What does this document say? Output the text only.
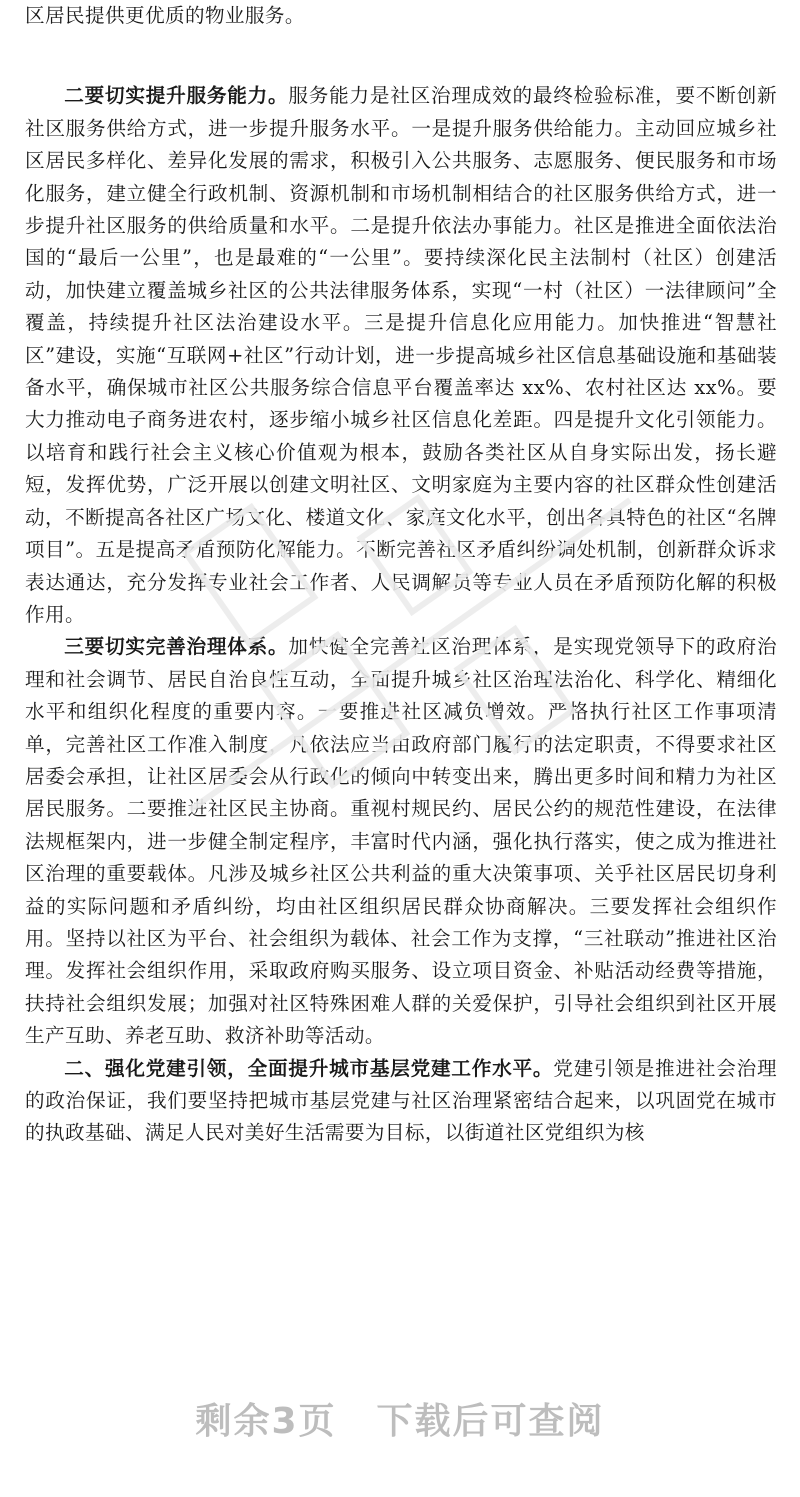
区居民提供更优质的物业服务。

二要切实提升服务能力。服务能力是社区治理成效的最终检验标准，要不断创新社区服务供给方式，进一步提升服务水平。一是提升服务供给能力。主动回应城乡社区居民多样化、差异化发展的需求，积极引入公共服务、志愿服务、便民服务和市场化服务，建立健全行政机制、资源机制和市场机制相结合的社区服务供给方式，进一步提升社区服务的供给质量和水平。二是提升依法办事能力。社区是推进全面依法治国的“最后一公里”，也是最难的“一公里”。要持续深化民主法制村（社区）创建活动，加快建立覆盖城乡社区的公共法律服务体系，实现“一村（社区）一法律顾问”全覆盖，持续提升社区法治建设水平。三是提升信息化应用能力。加快推进“智慧社区”建设，实施“互联网+社区”行动计划，进一步提高城乡社区信息基础设施和基础装备水平，确保城市社区公共服务综合信息平台覆盖率达 xx%、农村社区达 xx%。要大力推动电子商务进农村，逐步缩小城乡社区信息化差距。四是提升文化引领能力。以培育和践行社会主义核心价值观为根本，鼓励各类社区从自身实际出发，扬长避短，发挥优势，广泛开展以创建文明社区、文明家庭为主要内容的社区群众性创建活动，不断提高各社区广场文化、楼道文化、家庭文化水平，创出各具特色的社区“名牌项目”。五是提高矛盾预防化解能力。不断完善社区矛盾纠纷调处机制，创新群众诉求表达通达，充分发挥专业社会工作者、人民调解员等专业人员在矛盾预防化解的积极作用。

三要切实完善治理体系。加快健全完善社区治理体系，是实现党领导下的政府治理和社会调节、居民自治良性互动，全面提升城乡社区治理法治化、科学化、精细化水平和组织化程度的重要内容。一要推进社区减负增效。严格执行社区工作事项清单，完善社区工作准入制度，凡依法应当由政府部门履行的法定职责，不得要求社区居委会承担，让社区居委会从行政化的倾向中转变出来，腾出更多时间和精力为社区居民服务。二要推进社区民主协商。重视村规民约、居民公约的规范性建设，在法律法规框架内，进一步健全制定程序，丰富时代内涵，强化执行落实，使之成为推进社区治理的重要载体。凡涉及城乡社区公共利益的重大决策事项、关乎社区居民切身利益的实际问题和矛盾纠纷，均由社区组织居民群众协商解决。三要发挥社会组织作用。坚持以社区为平台、社会组织为载体、社会工作为支撑，“三社联动”推进社区治理。发挥社会组织作用，采取政府购买服务、设立项目资金、补贴活动经费等措施，扶持社会组织发展；加强对社区特殊困难人群的关爱保护，引导社会组织到社区开展生产互助、养老互助、救济补助等活动。

二、强化党建引领，全面提升城市基层党建工作水平。党建引领是推进社会治理的政治保证，我们要坚持把城市基层党建与社区治理紧密结合起来，以巩固党在城市的执政基础、满足人民对美好生活需要为目标，以街道社区党组织为核

剩余3页 下载后可查阅
